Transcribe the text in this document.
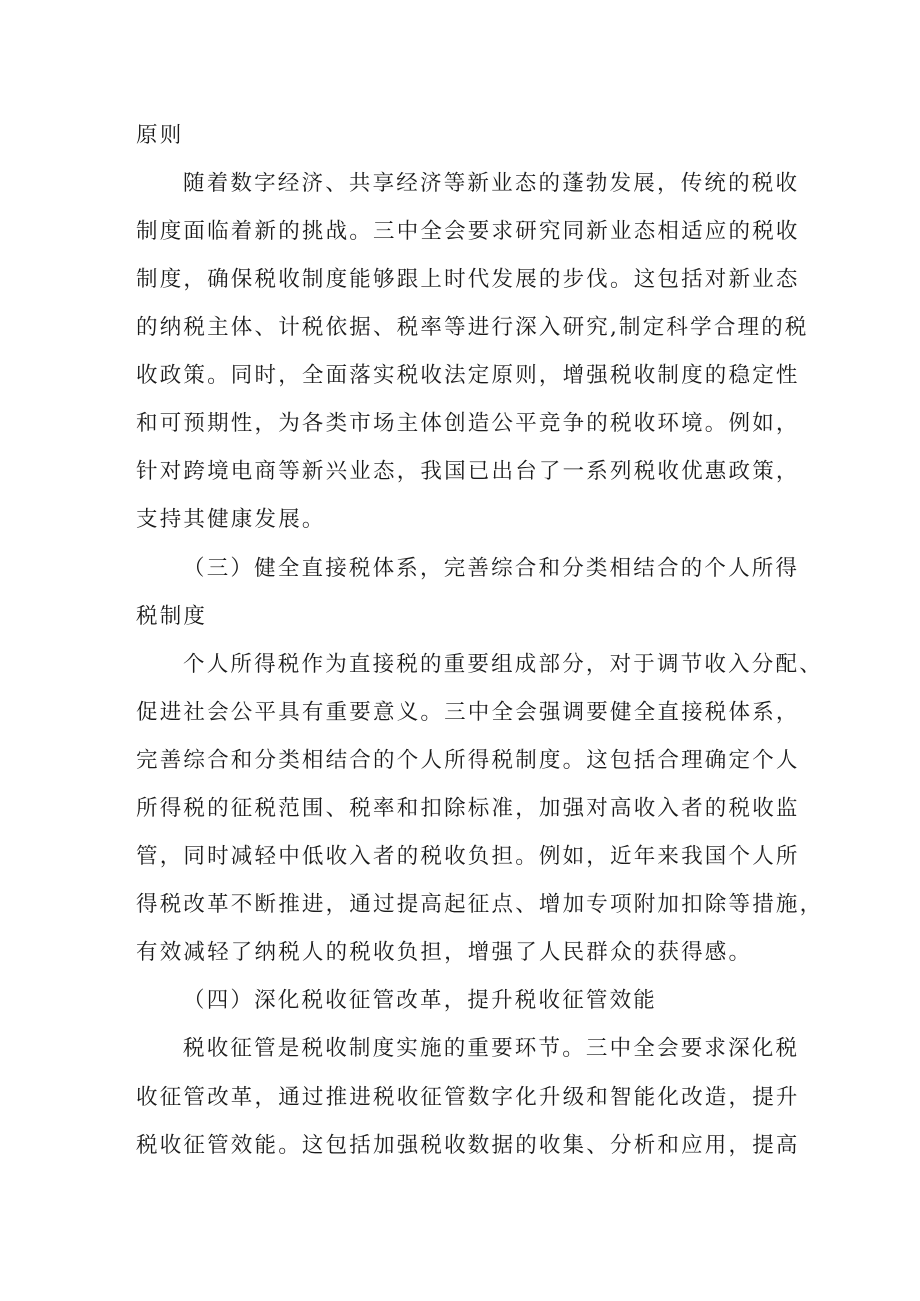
原则
随着数字经济、共享经济等新业态的蓬勃发展，传统的税收
制度面临着新的挑战。三中全会要求研究同新业态相适应的税收
制度，确保税收制度能够跟上时代发展的步伐。这包括对新业态
的纳税主体、计税依据、税率等进行深入研究,制定科学合理的税
收政策。同时，全面落实税收法定原则，增强税收制度的稳定性
和可预期性，为各类市场主体创造公平竞争的税收环境。例如，
针对跨境电商等新兴业态，我国已出台了一系列税收优惠政策，
支持其健康发展。
（三）健全直接税体系，完善综合和分类相结合的个人所得
税制度
个人所得税作为直接税的重要组成部分，对于调节收入分配、
促进社会公平具有重要意义。三中全会强调要健全直接税体系，
完善综合和分类相结合的个人所得税制度。这包括合理确定个人
所得税的征税范围、税率和扣除标准，加强对高收入者的税收监
管，同时减轻中低收入者的税收负担。例如，近年来我国个人所
得税改革不断推进，通过提高起征点、增加专项附加扣除等措施，
有效减轻了纳税人的税收负担，增强了人民群众的获得感。
（四）深化税收征管改革，提升税收征管效能
税收征管是税收制度实施的重要环节。三中全会要求深化税
收征管改革，通过推进税收征管数字化升级和智能化改造，提升
税收征管效能。这包括加强税收数据的收集、分析和应用，提高
